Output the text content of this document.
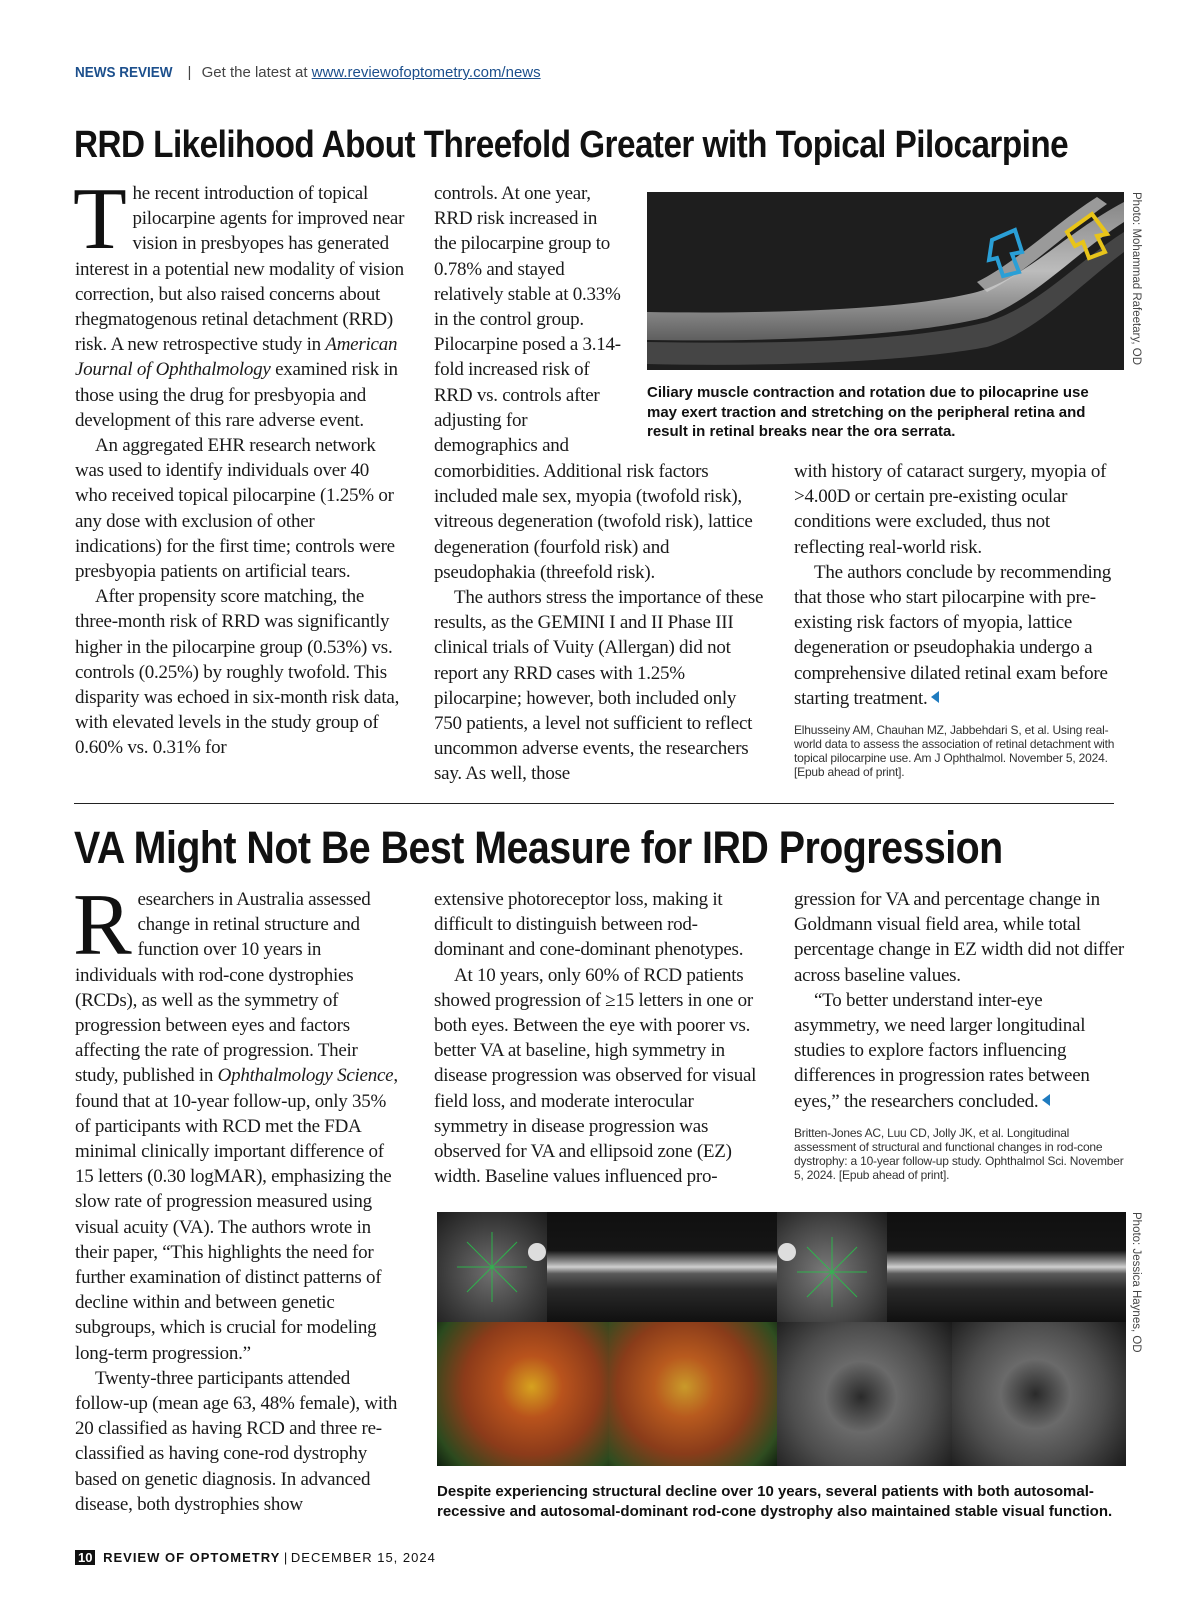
NEWS REVIEW | Get the latest at www.reviewofoptometry.com/news
RRD Likelihood About Threefold Greater with Topical Pilocarpine

The recent introduction of topical pilocarpine agents for improved near vision in presbyopes has generated interest in a potential new modality of vision correction, but also raised concerns about rhegmatogenous retinal detachment (RRD) risk. A new retrospective study in American Journal of Ophthalmology examined risk in those using the drug for presbyopia and development of this rare adverse event.

An aggregated EHR research network was used to identify individuals over 40 who received topical pilocarpine (1.25% or any dose with exclusion of other indications) for the first time; controls were presbyopia patients on artificial tears.

After propensity score matching, the three-month risk of RRD was significantly higher in the pilocarpine group (0.53%) vs. controls (0.25%) by roughly twofold. This disparity was echoed in six-month risk data, with elevated levels in the study group of 0.60% vs. 0.31% for

controls. At one year, RRD risk increased in the pilocarpine group to 0.78% and stayed relatively stable at 0.33% in the control group. Pilocarpine posed a 3.14-fold increased risk of RRD vs. controls after adjusting for demographics and

comorbidities. Additional risk factors included male sex, myopia (twofold risk), vitreous degeneration (twofold risk), lattice degeneration (fourfold risk) and pseudophakia (threefold risk).

The authors stress the importance of these results, as the GEMINI I and II Phase III clinical trials of Vuity (Allergan) did not report any RRD cases with 1.25% pilocarpine; however, both included only 750 patients, a level not sufficient to reflect uncommon adverse events, the researchers say. As well, those

with history of cataract surgery, myopia of >4.00D or certain pre-existing ocular conditions were excluded, thus not reflecting real-world risk.

The authors conclude by recommending that those who start pilocarpine with pre-existing risk factors of myopia, lattice degeneration or pseudophakia undergo a comprehensive dilated retinal exam before starting treatment.

Elhusseiny AM, Chauhan MZ, Jabbehdari S, et al. Using real-world data to assess the association of retinal detachment with topical pilocarpine use. Am J Ophthalmol. November 5, 2024. [Epub ahead of print].
Photo: Mohammad Rafeetary, OD
Ciliary muscle contraction and rotation due to pilocaprine use may exert traction and stretching on the peripheral retina and result in retinal breaks near the ora serrata.
VA Might Not Be Best Measure for IRD Progression

Researchers in Australia assessed change in retinal structure and function over 10 years in individuals with rod-cone dystrophies (RCDs), as well as the symmetry of progression between eyes and factors affecting the rate of progression. Their study, published in Ophthalmology Science, found that at 10-year follow-up, only 35% of participants with RCD met the FDA minimal clinically important difference of 15 letters (0.30 logMAR), emphasizing the slow rate of progression measured using visual acuity (VA). The authors wrote in their paper, “This highlights the need for further examination of distinct patterns of decline within and between genetic subgroups, which is crucial for modeling long-term progression.”

Twenty-three participants attended follow-up (mean age 63, 48% female), with 20 classified as having RCD and three re-classified as having cone-rod dystrophy based on genetic diagnosis. In advanced disease, both dystrophies show

extensive photoreceptor loss, making it difficult to distinguish between rod-dominant and cone-dominant phenotypes.

At 10 years, only 60% of RCD patients showed progression of ≥15 letters in one or both eyes. Between the eye with poorer vs. better VA at baseline, high symmetry in disease progression was observed for visual field loss, and moderate interocular symmetry in disease progression was observed for VA and ellipsoid zone (EZ) width. Baseline values influenced pro-

gression for VA and percentage change in Goldmann visual field area, while total percentage change in EZ width did not differ across baseline values.

“To better understand inter-eye asymmetry, we need larger longitudinal studies to explore factors influencing differences in progression rates between eyes,” the researchers concluded.

Britten-Jones AC, Luu CD, Jolly JK, et al. Longitudinal assessment of structural and functional changes in rod-cone dystrophy: a 10-year follow-up study. Ophthalmol Sci. November 5, 2024. [Epub ahead of print].
Photo: Jessica Haynes, OD
Despite experiencing structural decline over 10 years, several patients with both autosomal-recessive and autosomal-dominant rod-cone dystrophy also maintained stable visual function.
10 REVIEW OF OPTOMETRY | DECEMBER 15, 2024
